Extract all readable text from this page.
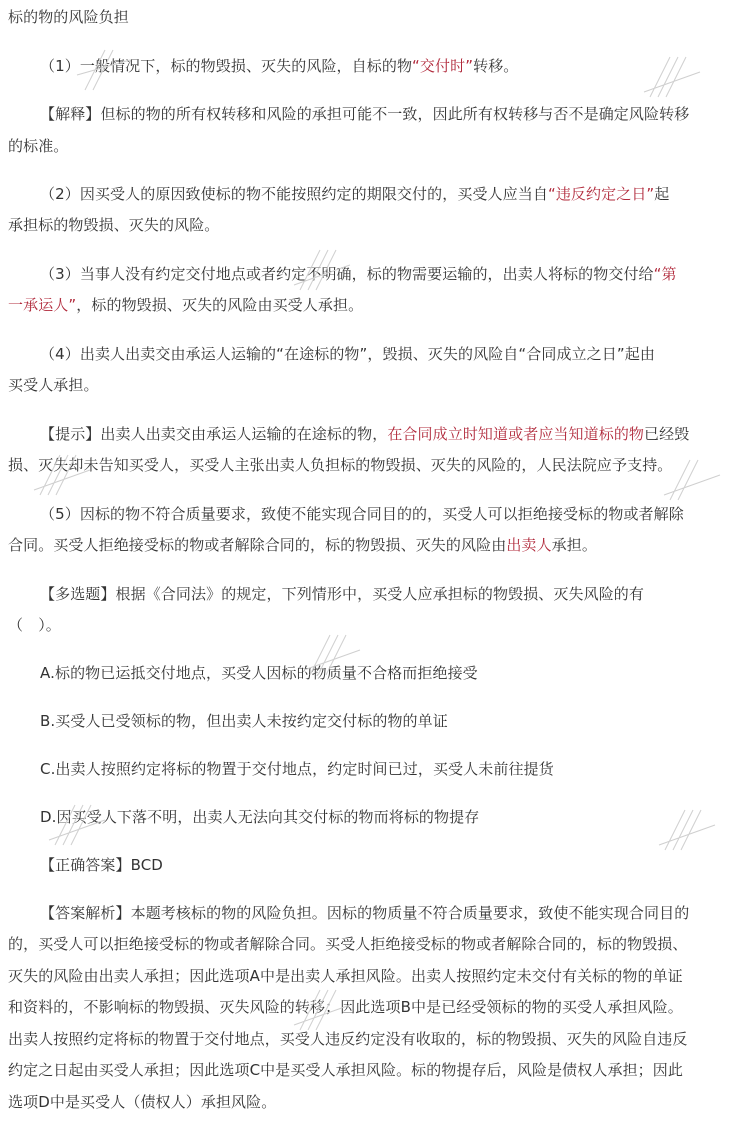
标的物的风险负担
（1）一般情况下，标的物毁损、灭失的风险，自标的物“交付时”转移。
【解释】但标的物的所有权转移和风险的承担可能不一致，因此所有权转移与否不是确定风险转移
的标准。
（2）因买受人的原因致使标的物不能按照约定的期限交付的，买受人应当自“违反约定之日”起
承担标的物毁损、灭失的风险。
（3）当事人没有约定交付地点或者约定不明确，标的物需要运输的，出卖人将标的物交付给“第
一承运人”，标的物毁损、灭失的风险由买受人承担。
（4）出卖人出卖交由承运人运输的“在途标的物”，毁损、灭失的风险自“合同成立之日”起由
买受人承担。
【提示】出卖人出卖交由承运人运输的在途标的物，在合同成立时知道或者应当知道标的物已经毁
损、灭失却未告知买受人，买受人主张出卖人负担标的物毁损、灭失的风险的，人民法院应予支持。
（5）因标的物不符合质量要求，致使不能实现合同目的的，买受人可以拒绝接受标的物或者解除
合同。买受人拒绝接受标的物或者解除合同的，标的物毁损、灭失的风险由出卖人承担。
【多选题】根据《合同法》的规定，下列情形中，买受人应承担标的物毁损、灭失风险的有
（　）。
A.标的物已运抵交付地点，买受人因标的物质量不合格而拒绝接受
B.买受人已受领标的物，但出卖人未按约定交付标的物的单证
C.出卖人按照约定将标的物置于交付地点，约定时间已过，买受人未前往提货
D.因买受人下落不明，出卖人无法向其交付标的物而将标的物提存
【正确答案】BCD
【答案解析】本题考核标的物的风险负担。因标的物质量不符合质量要求，致使不能实现合同目的
的，买受人可以拒绝接受标的物或者解除合同。买受人拒绝接受标的物或者解除合同的，标的物毁损、
灭失的风险由出卖人承担；因此选项A中是出卖人承担风险。出卖人按照约定未交付有关标的物的单证
和资料的，不影响标的物毁损、灭失风险的转移；因此选项B中是已经受领标的物的买受人承担风险。
出卖人按照约定将标的物置于交付地点，买受人违反约定没有收取的，标的物毁损、灭失的风险自违反
约定之日起由买受人承担；因此选项C中是买受人承担风险。标的物提存后，风险是债权人承担；因此
选项D中是买受人（债权人）承担风险。
